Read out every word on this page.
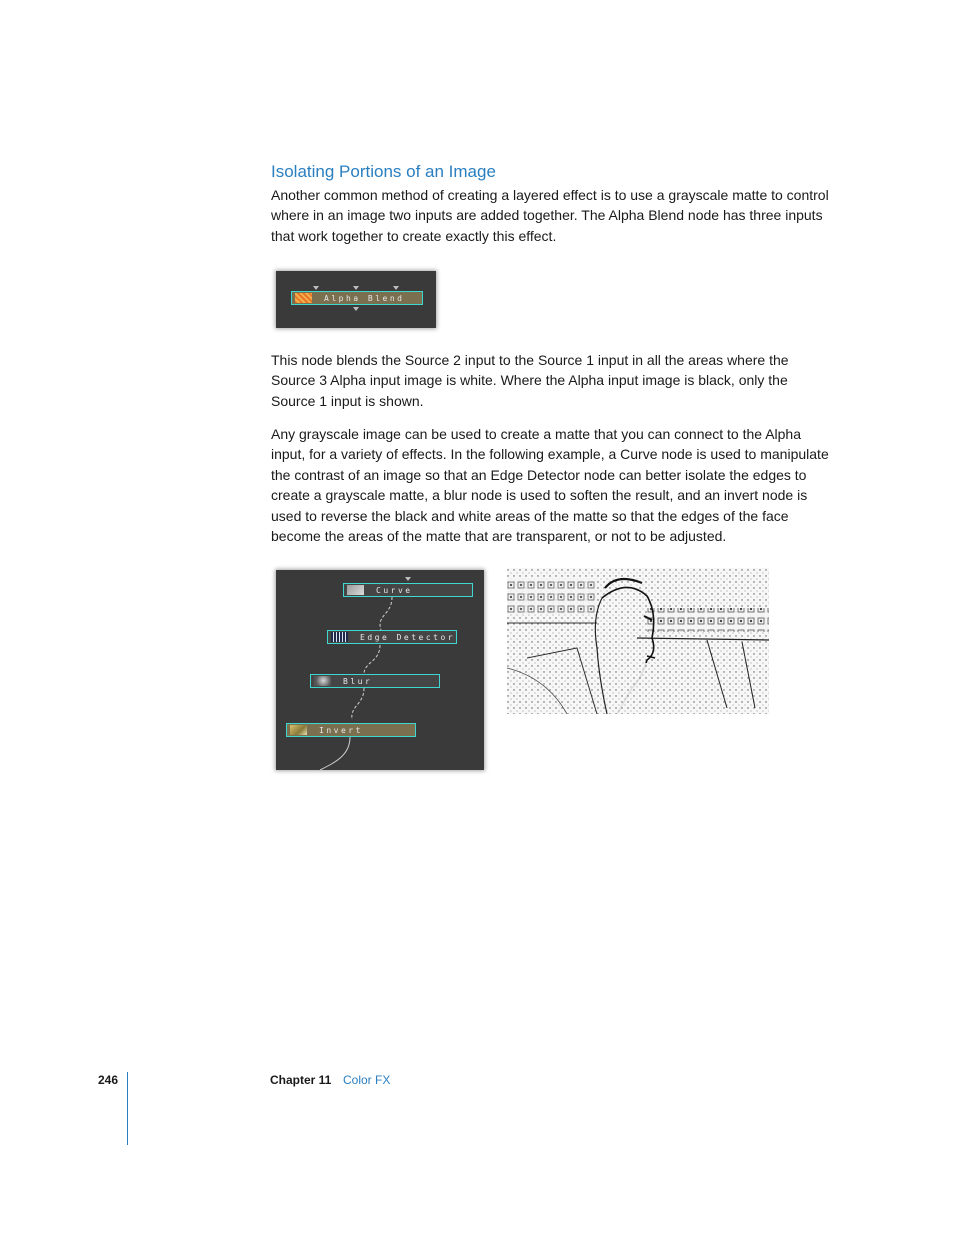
Isolating Portions of an Image

Another common method of creating a layered effect is to use a grayscale matte to control where in an image two inputs are added together. The Alpha Blend node has three inputs that work together to create exactly this effect.

Alpha Blend

This node blends the Source 2 input to the Source 1 input in all the areas where the Source 3 Alpha input image is white. Where the Alpha input image is black, only the Source 1 input is shown.

Any grayscale image can be used to create a matte that you can connect to the Alpha input, for a variety of effects. In the following example, a Curve node is used to manipulate the contrast of an image so that an Edge Detector node can better isolate the edges to create a grayscale matte, a blur node is used to soften the result, and an invert node is used to reverse the black and white areas of the matte so that the edges of the face become the areas of the matte that are transparent, or not to be adjusted.

Curve
Edge Detector
Blur
Invert
246	Chapter 11 Color FX
